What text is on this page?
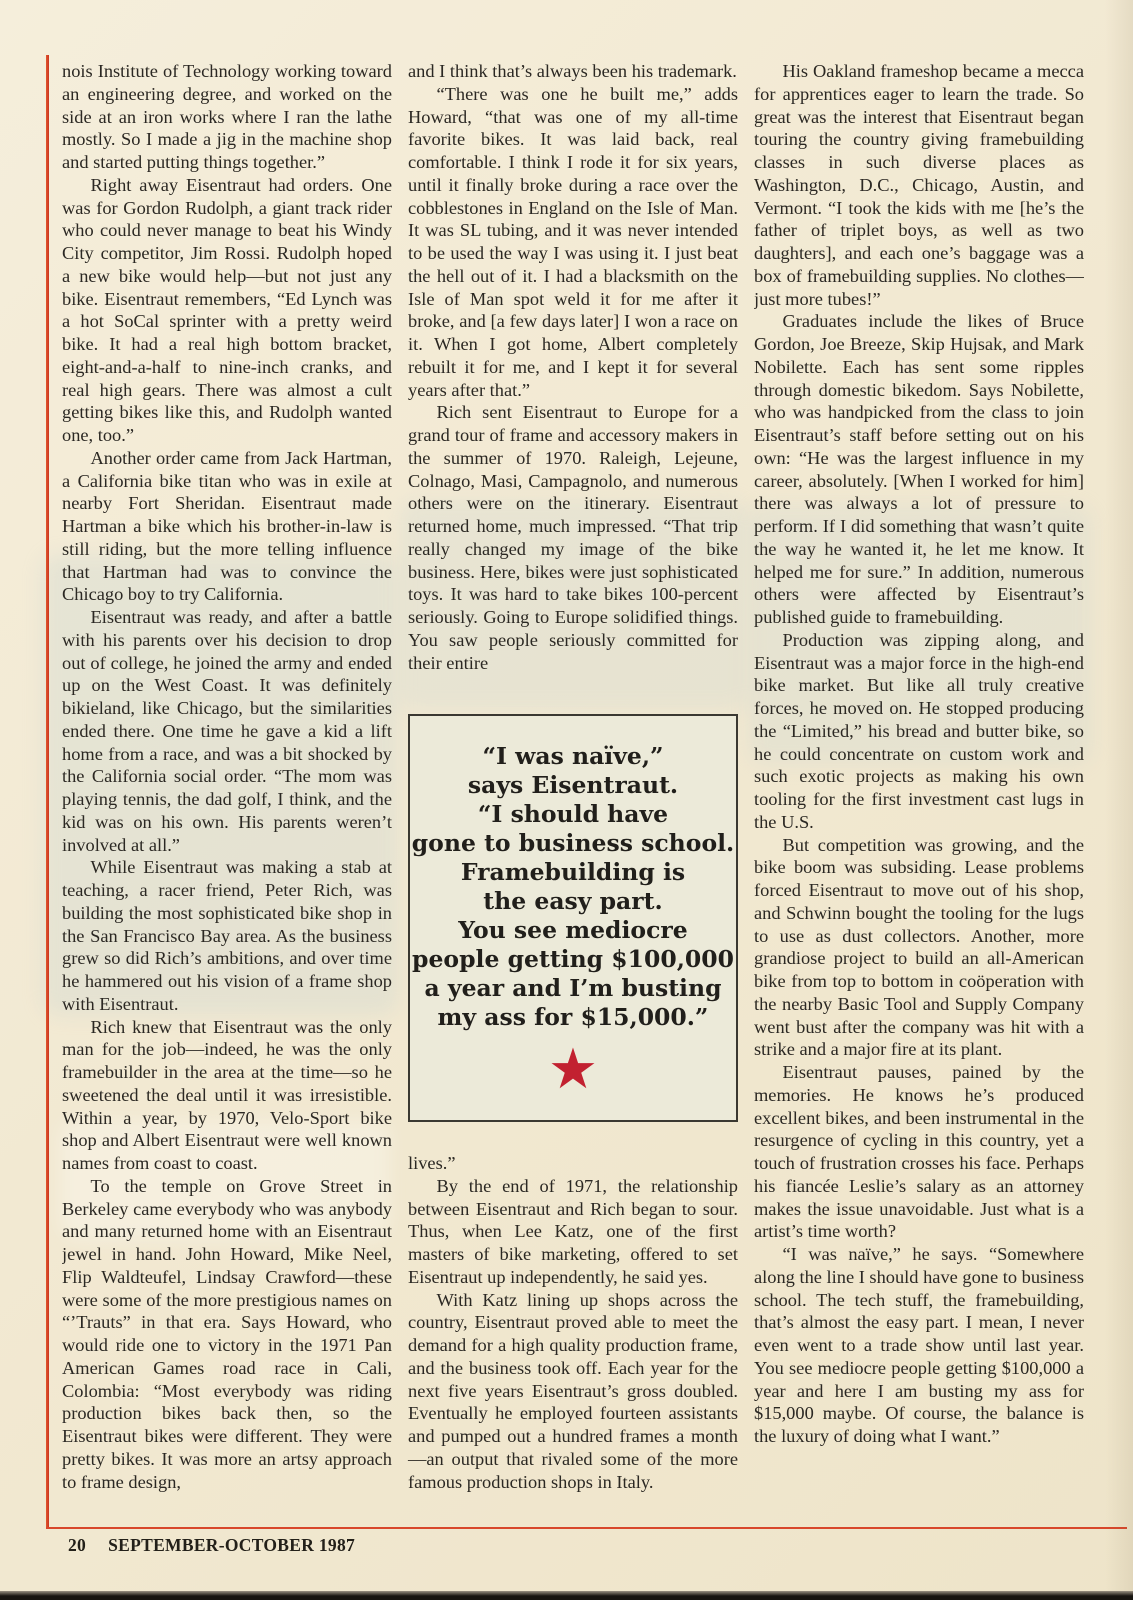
nois Institute of Technology working toward an engineering degree, and worked on the side at an iron works where I ran the lathe mostly. So I made a jig in the machine shop and started putting things together.”

Right away Eisentraut had orders. One was for Gordon Rudolph, a giant track rider who could never manage to beat his Windy City competitor, Jim Rossi. Rudolph hoped a new bike would help—but not just any bike. Eisentraut remembers, “Ed Lynch was a hot SoCal sprinter with a pretty weird bike. It had a real high bottom bracket, eight-and-a-half to nine-inch cranks, and real high gears. There was almost a cult getting bikes like this, and Rudolph wanted one, too.”

Another order came from Jack Hartman, a California bike titan who was in exile at nearby Fort Sheridan. Eisentraut made Hartman a bike which his brother-in-law is still riding, but the more telling influence that Hartman had was to convince the Chicago boy to try California.

Eisentraut was ready, and after a battle with his parents over his decision to drop out of college, he joined the army and ended up on the West Coast. It was definitely bikieland, like Chicago, but the similarities ended there. One time he gave a kid a lift home from a race, and was a bit shocked by the California social order. “The mom was playing tennis, the dad golf, I think, and the kid was on his own. His parents weren’t involved at all.”

While Eisentraut was making a stab at teaching, a racer friend, Peter Rich, was building the most sophisticated bike shop in the San Francisco Bay area. As the business grew so did Rich’s ambitions, and over time he hammered out his vision of a frame shop with Eisentraut.

Rich knew that Eisentraut was the only man for the job—indeed, he was the only framebuilder in the area at the time—so he sweetened the deal until it was irresistible. Within a year, by 1970, Velo-Sport bike shop and Albert Eisentraut were well known names from coast to coast.

To the temple on Grove Street in Berkeley came everybody who was anybody and many returned home with an Eisentraut jewel in hand. John Howard, Mike Neel, Flip Waldteufel, Lindsay Crawford—these were some of the more prestigious names on “’Trauts” in that era. Says Howard, who would ride one to victory in the 1971 Pan American Games road race in Cali, Colombia: “Most everybody was riding production bikes back then, so the Eisentraut bikes were different. They were pretty bikes. It was more an artsy approach to frame design,

and I think that’s always been his trademark.

“There was one he built me,” adds Howard, “that was one of my all-time favorite bikes. It was laid back, real comfortable. I think I rode it for six years, until it finally broke during a race over the cobblestones in England on the Isle of Man. It was SL tubing, and it was never intended to be used the way I was using it. I just beat the hell out of it. I had a blacksmith on the Isle of Man spot weld it for me after it broke, and [a few days later] I won a race on it. When I got home, Albert completely rebuilt it for me, and I kept it for several years after that.”

Rich sent Eisentraut to Europe for a grand tour of frame and accessory makers in the summer of 1970. Raleigh, Lejeune, Colnago, Masi, Campagnolo, and numerous others were on the itinerary. Eisentraut returned home, much impressed. “That trip really changed my image of the bike business. Here, bikes were just sophisticated toys. It was hard to take bikes 100-percent seriously. Going to Europe solidified things. You saw people seriously committed for their entire

“I was naïve,”
says Eisentraut.
“I should have
gone to business school.
Framebuilding is
the easy part.
You see mediocre
people getting $100,000
a year and I’m busting
my ass for $15,000.”
★

lives.”

By the end of 1971, the relationship between Eisentraut and Rich began to sour. Thus, when Lee Katz, one of the first masters of bike marketing, offered to set Eisentraut up independently, he said yes.

With Katz lining up shops across the country, Eisentraut proved able to meet the demand for a high quality production frame, and the business took off. Each year for the next five years Eisentraut’s gross doubled. Eventually he employed fourteen assistants and pumped out a hundred frames a month—an output that rivaled some of the more famous production shops in Italy.

His Oakland frameshop became a mecca for apprentices eager to learn the trade. So great was the interest that Eisentraut began touring the country giving framebuilding classes in such diverse places as Washington, D.C., Chicago, Austin, and Vermont. “I took the kids with me [he’s the father of triplet boys, as well as two daughters], and each one’s baggage was a box of framebuilding supplies. No clothes—just more tubes!”

Graduates include the likes of Bruce Gordon, Joe Breeze, Skip Hujsak, and Mark Nobilette. Each has sent some ripples through domestic bikedom. Says Nobilette, who was handpicked from the class to join Eisentraut’s staff before setting out on his own: “He was the largest influence in my career, absolutely. [When I worked for him] there was always a lot of pressure to perform. If I did something that wasn’t quite the way he wanted it, he let me know. It helped me for sure.” In addition, numerous others were affected by Eisentraut’s published guide to framebuilding.

Production was zipping along, and Eisentraut was a major force in the high-end bike market. But like all truly creative forces, he moved on. He stopped producing the “Limited,” his bread and butter bike, so he could concentrate on custom work and such exotic projects as making his own tooling for the first investment cast lugs in the U.S.

But competition was growing, and the bike boom was subsiding. Lease problems forced Eisentraut to move out of his shop, and Schwinn bought the tooling for the lugs to use as dust collectors. Another, more grandiose project to build an all-American bike from top to bottom in coöperation with the nearby Basic Tool and Supply Company went bust after the company was hit with a strike and a major fire at its plant.

Eisentraut pauses, pained by the memories. He knows he’s produced excellent bikes, and been instrumental in the resurgence of cycling in this country, yet a touch of frustration crosses his face. Perhaps his fiancée Leslie’s salary as an attorney makes the issue unavoidable. Just what is a artist’s time worth?

“I was naïve,” he says. “Somewhere along the line I should have gone to business school. The tech stuff, the framebuilding, that’s almost the easy part. I mean, I never even went to a trade show until last year. You see mediocre people getting $100,000 a year and here I am busting my ass for $15,000 maybe. Of course, the balance is the luxury of doing what I want.”

20 SEPTEMBER-OCTOBER 1987
